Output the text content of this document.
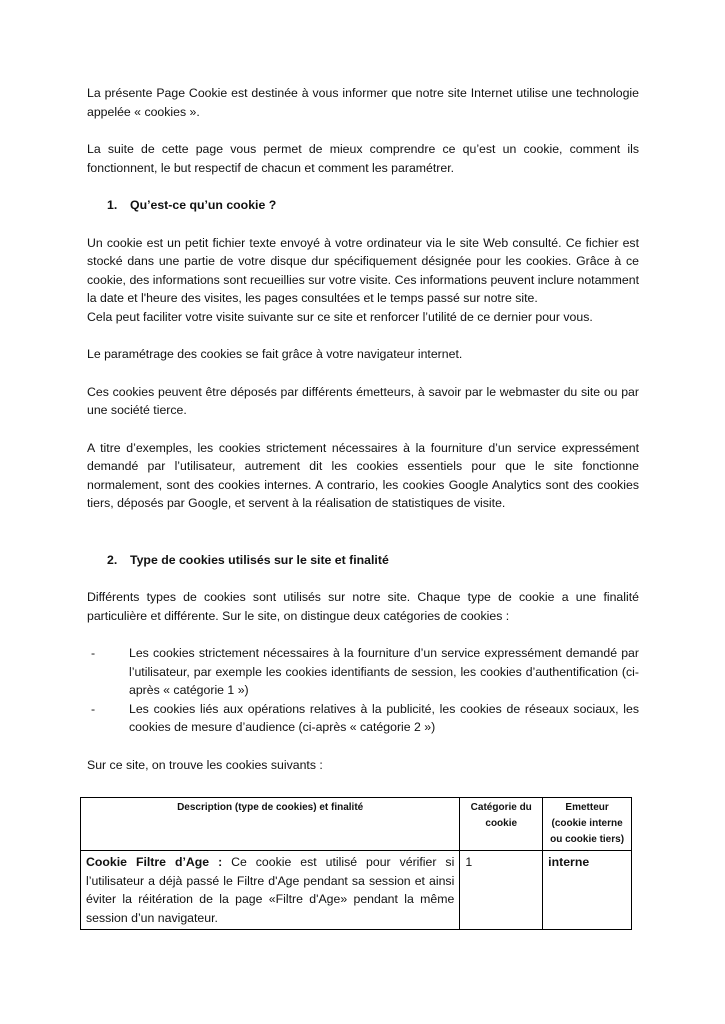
La présente Page Cookie est destinée à vous informer que notre site Internet utilise une technologie appelée « cookies ».

La suite de cette page vous permet de mieux comprendre ce qu’est un cookie, comment ils fonctionnent, le but respectif de chacun et comment les paramétrer.

1.	Qu’est-ce qu’un cookie ?

Un cookie est un petit fichier texte envoyé à votre ordinateur via le site Web consulté. Ce fichier est stocké dans une partie de votre disque dur spécifiquement désignée pour les cookies. Grâce à ce cookie, des informations sont recueillies sur votre visite. Ces informations peuvent inclure notamment la date et l'heure des visites, les pages consultées et le temps passé sur notre site.

Cela peut faciliter votre visite suivante sur ce site et renforcer l’utilité de ce dernier pour vous.

Le paramétrage des cookies se fait grâce à votre navigateur internet.

Ces cookies peuvent être déposés par différents émetteurs, à savoir par le webmaster du site ou par une société tierce.

A titre d’exemples, les cookies strictement nécessaires à la fourniture d’un service expressément demandé par l’utilisateur, autrement dit les cookies essentiels pour que le site fonctionne normalement, sont des cookies internes. A contrario, les cookies Google Analytics sont des cookies tiers, déposés par Google, et servent à la réalisation de statistiques de visite.

2.	Type de cookies utilisés sur le site et finalité

Différents types de cookies sont utilisés sur notre site. Chaque type de cookie a une finalité particulière et différente. Sur le site, on distingue deux catégories de cookies :

-	Les cookies strictement nécessaires à la fourniture d’un service expressément demandé par l’utilisateur, par exemple les cookies identifiants de session, les cookies d’authentification (ci-après « catégorie 1 »)
-	Les cookies liés aux opérations relatives à la publicité, les cookies de réseaux sociaux, les cookies de mesure d’audience (ci-après « catégorie 2 »)

Sur ce site, on trouve les cookies suivants :

Description (type de cookies) et finalité	Catégorie du cookie	Emetteur (cookie interne ou cookie tiers)
Cookie Filtre d’Age : Ce cookie est utilisé pour vérifier si l’utilisateur a déjà passé le Filtre d'Age pendant sa session et ainsi éviter la réitération de la page «Filtre d'Age» pendant la même session d’un navigateur.	1	interne
